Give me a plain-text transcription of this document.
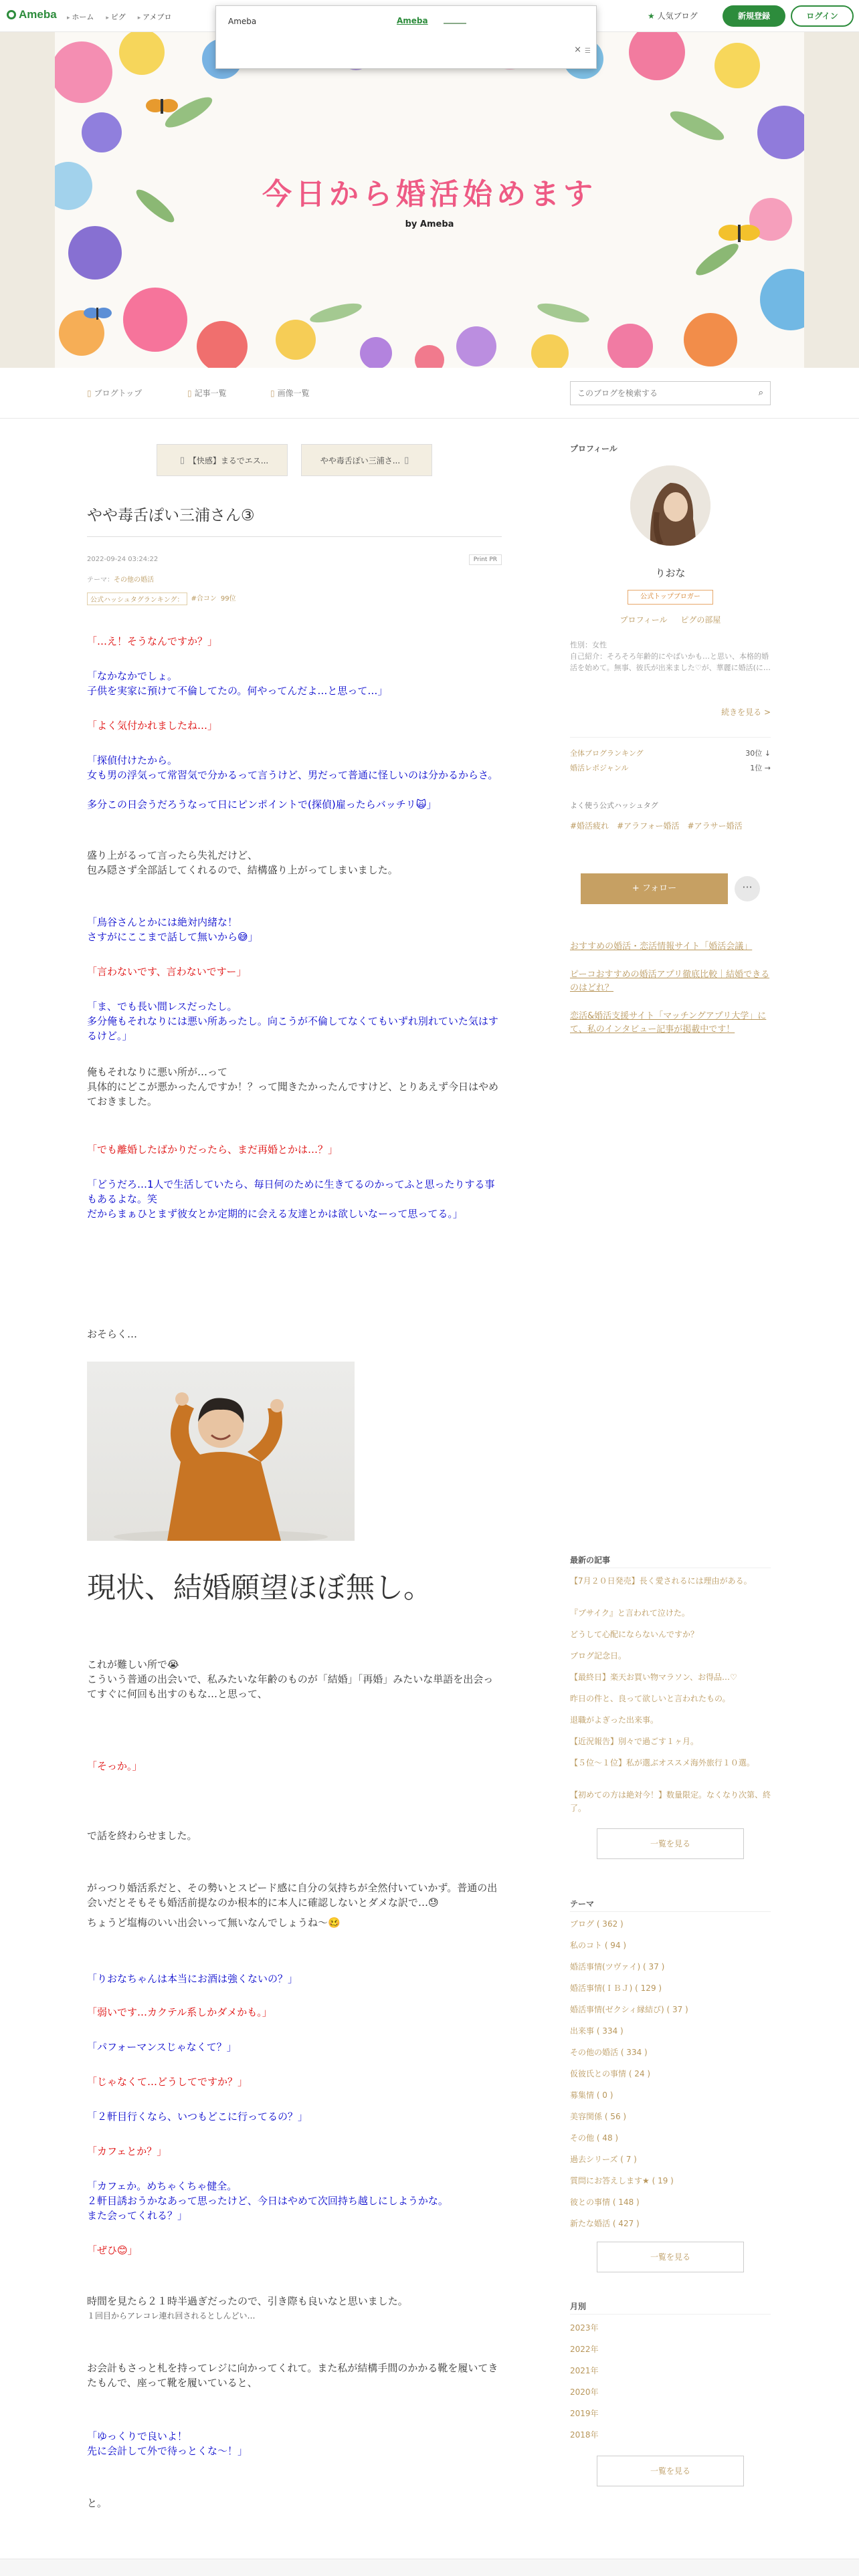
Ameba	▸ ホーム	▸ ピグ	▸ アメブロ	★ 人気ブログ	新規登録	ログイン
Ameba	Ameba
× ☰
今日から婚活始めます
by Ameba
▯ ブログトップ	▯ 記事一覧	▯ 画像一覧
このブログを検索する	⌕
▯ 【快感】まるでエス...	やや毒舌ぽい三浦さ... ▯
やや毒舌ぽい三浦さん③
2022-09-24 03:24:22	Print PR
テーマ：その他の婚活
公式ハッシュタグランキング：	#合コン 99位
「…え！そうなんですか？」
「なかなかでしょ。
子供を実家に預けて不倫してたの。何やってんだよ…と思って…」
「よく気付かれましたね…」
「探偵付けたから。
女も男の浮気って常習気で分かるって言うけど、男だって普通に怪しいのは分かるからさ。
多分この日会うだろうなって日にピンポイントで(探偵)雇ったらバッチリ🙀」
盛り上がるって言ったら失礼だけど、
包み隠さず全部話してくれるので、結構盛り上がってしまいました。
「鳥谷さんとかには絶対内緒な！
さすがにここまで話して無いから😅」
「言わないです、言わないですー」
「ま、でも長い間レスだったし。
多分俺もそれなりには悪い所あったし。向こうが不倫してなくてもいずれ別れていた気はするけど。」
俺もそれなりに悪い所が…って
具体的にどこが悪かったんですか！？って聞きたかったんですけど、とりあえず今日はやめておきました。
「でも離婚したばかりだったら、まだ再婚とかは…？」
「どうだろ…1人で生活していたら、毎日何のために生きてるのかってふと思ったりする事もあるよな。笑
だからまぁひとまず彼女とか定期的に会える友達とかは欲しいなーって思ってる。」
おそらく…
現状、結婚願望ほぼ無し。
これが難しい所で😭
こういう普通の出会いで、私みたいな年齢のものが「結婚」「再婚」みたいな単語を出会ってすぐに何回も出すのもな…と思って、
「そっか。」
で話を終わらせました。
がっつり婚活系だと、その勢いとスピード感に自分の気持ちが全然付いていかず。普通の出会いだとそもそも婚活前提なのか根本的に本人に確認しないとダメな訳で…😓
ちょうど塩梅のいい出会いって無いなんでしょうね〜🥴
「りおなちゃんは本当にお酒は強くないの？」
「弱いです…カクテル系しかダメかも。」
「パフォーマンスじゃなくて？」
「じゃなくて…どうしてですか？」
「２軒目行くなら、いつもどこに行ってるの？」
「カフェとか？」
「カフェか。めちゃくちゃ健全。
２軒目誘おうかなあって思ったけど、今日はやめて次回持ち越しにしようかな。
また会ってくれる？」
「ぜひ😊」
時間を見たら２１時半過ぎだったので、引き際も良いなと思いました。
１回目からアレコレ連れ回されるとしんどい…
お会計もさっと札を持ってレジに向かってくれて。また私が結構手間のかかる靴を履いてきたもんで、座って靴を履いていると、
「ゆっくりで良いよ！
先に会計して外で待っとくな〜！」
と。
プロフィール
りおな
公式トップブロガー
プロフィール ピグの部屋
性別：女性
自己紹介：そろそろ年齢的にやばいかも…と思い、本格的婚活を始めて。無事、彼氏が出来ました♡が、華麗に婚活(に…
続きを見る >
全体ブログランキング	30位 ↓
婚活レポジャンル	1位 →
よく使う公式ハッシュタグ
#婚活疲れ #アラフォー婚活 #アラサー婚活
+ フォロー	···
おすすめの婚活・恋活情報サイト「婚活会議」
ピーコおすすめの婚活アプリ徹底比較｜結婚できるのはどれ？
恋活&婚活支援サイト「マッチングアプリ大学」にて、私のインタビュー記事が掲載中です！
最新の記事
【7月２０日発売】長く愛されるには理由がある。
『ブサイク』と言われて泣けた。
どうして心配にならないんですか？
ブログ記念日。
【最終日】楽天お買い物マラソン、お得品…♡
昨日の件と、良って欲しいと言われたもの。
退職がよぎった出来事。
【近況報告】別々で過ごす１ヶ月。
【５位〜１位】私が選ぶオススメ海外旅行１０選。
【初めての方は絶対今！】数量限定。なくなり次第、終了。
一覧を見る
テーマ
ブログ ( 362 )
私のコト ( 94 )
婚活事情(ツヴァイ) ( 37 )
婚活事情(ＩＢＪ) ( 129 )
婚活事情(ゼクシィ縁結び) ( 37 )
出来事 ( 334 )
その他の婚活 ( 334 )
仮彼氏との事情 ( 24 )
募集情 ( 0 )
美容関係 ( 56 )
その他 ( 48 )
過去シリーズ ( 7 )
質問にお答えします★ ( 19 )
彼との事情 ( 148 )
新たな婚活 ( 427 )
一覧を見る
月別
2023年
2022年
2021年
2020年
2019年
2018年
一覧を見る
